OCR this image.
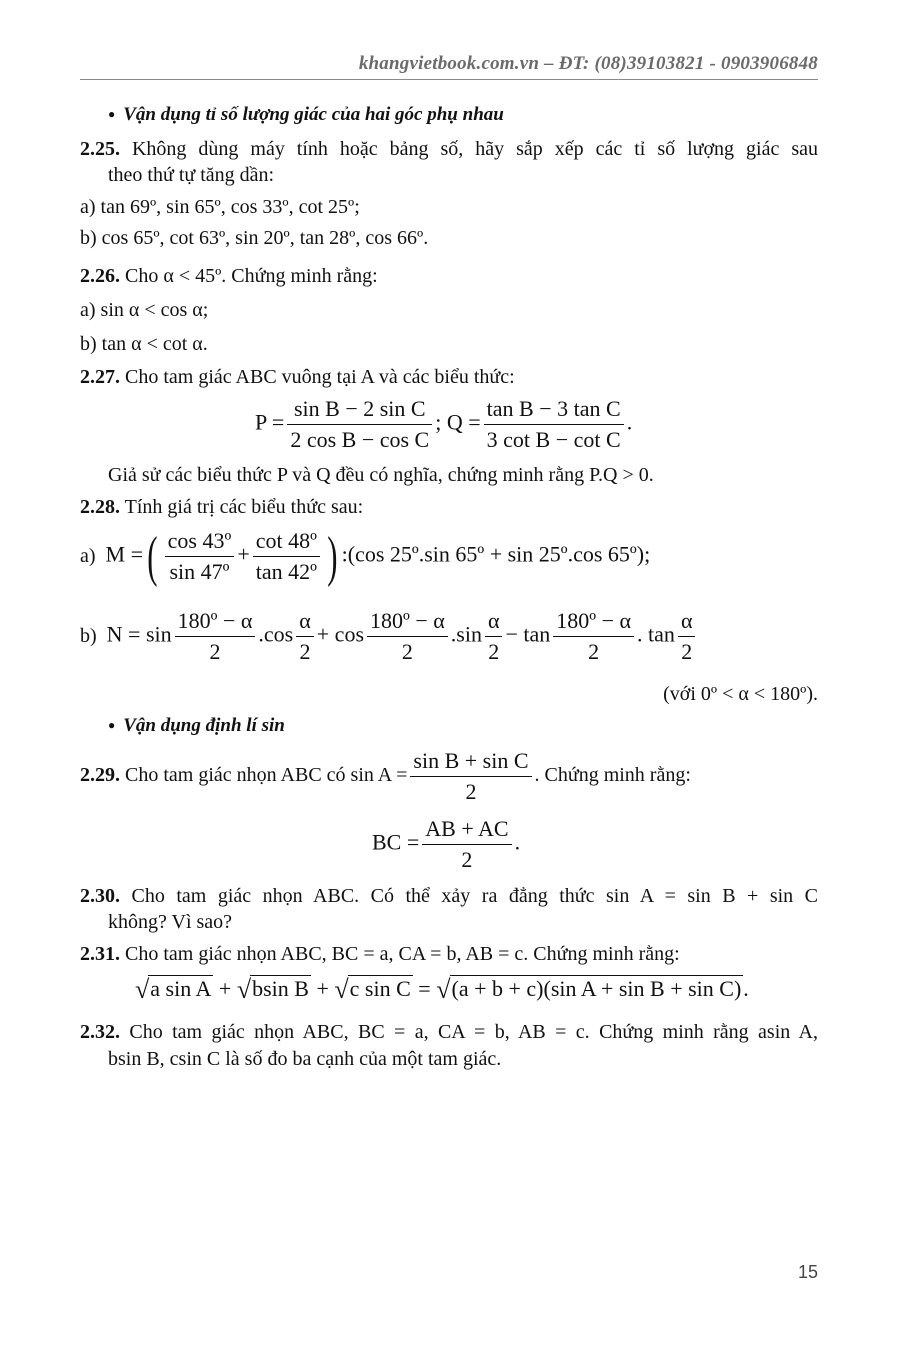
khangvietbook.com.vn – ĐT: (08)39103821 - 0903906848
● Vận dụng tỉ số lượng giác của hai góc phụ nhau
2.25. Không dùng máy tính hoặc bảng số, hãy sắp xếp các tỉ số lượng giác sau
theo thứ tự tăng dần:
a) tan 69º, sin 65º, cos 33º, cot 25º;
b) cos 65º, cot 63º, sin 20º, tan 28º, cos 66º.
2.26. Cho α < 45º. Chứng minh rằng:
a) sin α < cos α;
b) tan α < cot α.
2.27. Cho tam giác ABC vuông tại A và các biểu thức:
$P = \frac{\text{sin B − 2 sin C}}{\text{2 cos B − cos C}}$ ; $Q = \frac{\text{tan B − 3 tan C}}{\text{3 cot B − cot C}}$ .
Giả sử các biểu thức P và Q đều có nghĩa, chứng minh rằng P.Q > 0.
2.28. Tính giá trị các biểu thức sau:
a) M =( $\frac{\text{cos 43º}}{\text{sin 47º}} + \frac{\text{cot 48º}}{\text{tan 42º}}$ ) :(cos 25º.sin 65º + sin 25º.cos 65º);
b) $N = \sin \frac{\text{180º − α}}{2} .\cos \frac{\alpha}{2} + \cos \frac{\text{180º − α}}{2} .\sin \frac{\alpha}{2} - \tan \frac{\text{180º − α}}{2}$ . $\tan \frac{\alpha}{2}$
(với 0º < α < 180º).
● Vận dụng định lí sin
2.29. Cho tam giác nhọn ABC có $\sin A = \frac{\text{sin B + sin C}}{2}$ . Chứng minh rằng:
BC = $\frac{AB + AC}{2}$ .
2.30. Cho tam giác nhọn ABC. Có thể xảy ra đẳng thức sin A = sin B + sin C
không? Vì sao?
2.31. Cho tam giác nhọn ABC, BC = a, CA = b, AB = c. Chứng minh rằng:
√a sin A + √bsin B + √c sin C = √(a + b + c)(sin A + sin B + sin C).
2.32. Cho tam giác nhọn ABC, BC = a, CA = b, AB = c. Chứng minh rằng asin A,
bsin B, csin C là số đo ba cạnh của một tam giác.
15
